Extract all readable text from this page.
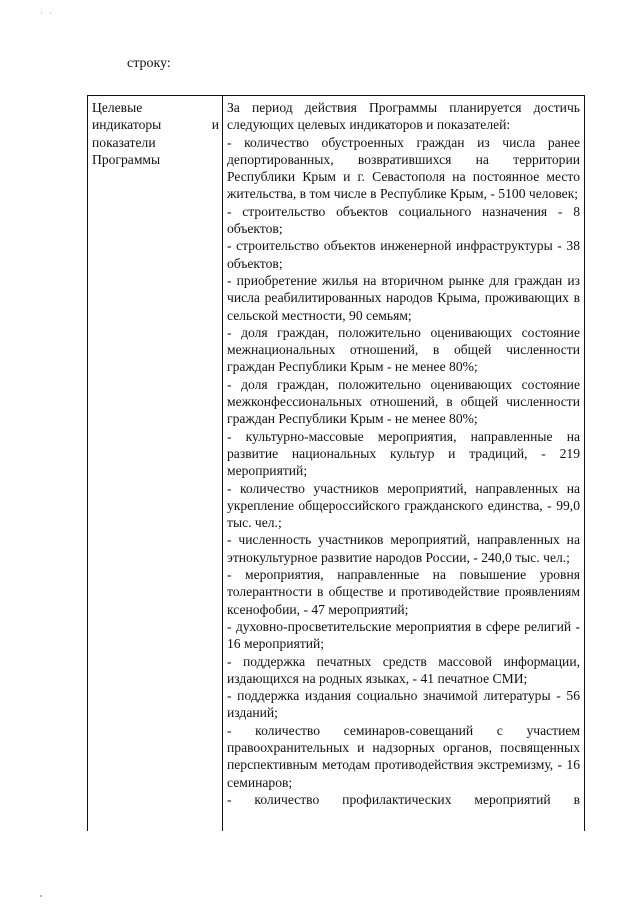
· ·
строку:
Целевые
индикаторы	и
показатели
Программы

За период действия Программы планируется достичь следующих целевых индикаторов и показателей:

- количество обустроенных граждан из числа ранее депортированных, возвратившихся на территории Республики Крым и г. Севастополя на постоянное место жительства, в том числе в Республике Крым, - 5100 человек;

- строительство объектов социального назначения - 8 объектов;

- строительство объектов инженерной инфраструктуры - 38 объектов;

- приобретение жилья на вторичном рынке для граждан из числа реабилитированных народов Крыма, проживающих в сельской местности, 90 семьям;

- доля граждан, положительно оценивающих состояние межнациональных отношений, в общей численности граждан Республики Крым - не менее 80%;

- доля граждан, положительно оценивающих состояние межконфессиональных отношений, в общей численности граждан Республики Крым - не менее 80%;

- культурно-массовые мероприятия, направленные на развитие национальных культур и традиций, - 219 мероприятий;

- количество участников мероприятий, направленных на укрепление общероссийского гражданского единства, - 99,0 тыс. чел.;

- численность участников мероприятий, направленных на этнокультурное развитие народов России, - 240,0 тыс. чел.;

- мероприятия, направленные на повышение уровня толерантности в обществе и противодействие проявлениям ксенофобии, - 47 мероприятий;

- духовно-просветительские мероприятия в сфере религий - 16 мероприятий;

- поддержка печатных средств массовой информации, издающихся на родных языках, - 41 печатное СМИ;

- поддержка издания социально значимой литературы - 56 изданий;

- количество семинаров-совещаний с участием правоохранительных и надзорных органов, посвященных перспективным методам противодействия экстремизму, - 16 семинаров;

- количество профилактических мероприятий в
